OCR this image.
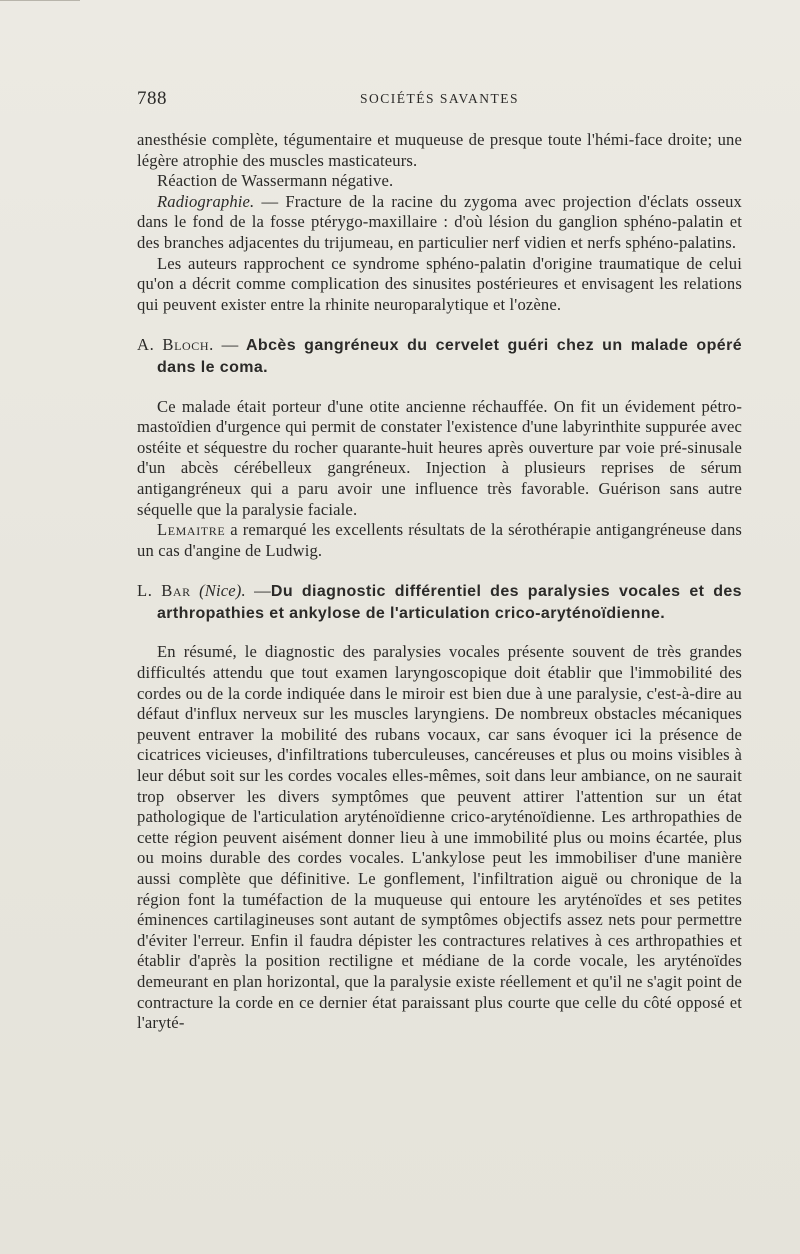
788	SOCIÉTÉS SAVANTES

anesthésie complète, tégumentaire et muqueuse de presque toute l'hémi-face droite; une légère atrophie des muscles masticateurs.

Réaction de Wassermann négative.

Radiographie. — Fracture de la racine du zygoma avec projection d'éclats osseux dans le fond de la fosse ptérygo-maxillaire : d'où lésion du ganglion sphéno-palatin et des branches adjacentes du trijumeau, en particulier nerf vidien et nerfs sphéno-palatins.

Les auteurs rapprochent ce syndrome sphéno-palatin d'origine traumatique de celui qu'on a décrit comme complication des sinusites postérieures et envisagent les relations qui peuvent exister entre la rhinite neuroparalytique et l'ozène.

A. Bloch. — Abcès gangréneux du cervelet guéri chez un malade opéré dans le coma.

Ce malade était porteur d'une otite ancienne réchauffée. On fit un évidement pétro-mastoïdien d'urgence qui permit de constater l'existence d'une labyrinthite suppurée avec ostéite et séquestre du rocher quarante-huit heures après ouverture par voie pré-sinusale d'un abcès cérébelleux gangréneux. Injection à plusieurs reprises de sérum antigangréneux qui a paru avoir une influence très favorable. Guérison sans autre séquelle que la paralysie faciale.

Lemaitre a remarqué les excellents résultats de la sérothérapie antigangréneuse dans un cas d'angine de Ludwig.

L. Bar (Nice). —Du diagnostic différentiel des paralysies vocales et des arthropathies et ankylose de l'articulation crico-aryténoïdienne.

En résumé, le diagnostic des paralysies vocales présente souvent de très grandes difficultés attendu que tout examen laryngoscopique doit établir que l'immobilité des cordes ou de la corde indiquée dans le miroir est bien due à une paralysie, c'est-à-dire au défaut d'influx nerveux sur les muscles laryngiens. De nombreux obstacles mécaniques peuvent entraver la mobilité des rubans vocaux, car sans évoquer ici la présence de cicatrices vicieuses, d'infiltrations tuberculeuses, cancéreuses et plus ou moins visibles à leur début soit sur les cordes vocales elles-mêmes, soit dans leur ambiance, on ne saurait trop observer les divers symptômes que peuvent attirer l'attention sur un état pathologique de l'articulation aryténoïdienne crico-aryténoïdienne. Les arthropathies de cette région peuvent aisément donner lieu à une immobilité plus ou moins écartée, plus ou moins durable des cordes vocales. L'ankylose peut les immobiliser d'une manière aussi complète que définitive. Le gonflement, l'infiltration aiguë ou chronique de la région font la tuméfaction de la muqueuse qui entoure les aryténoïdes et ses petites éminences cartilagineuses sont autant de symptômes objectifs assez nets pour permettre d'éviter l'erreur. Enfin il faudra dépister les contractures relatives à ces arthropathies et établir d'après la position rectiligne et médiane de la corde vocale, les aryténoïdes demeurant en plan horizontal, que la paralysie existe réellement et qu'il ne s'agit point de contracture la corde en ce dernier état paraissant plus courte que celle du côté opposé et l'aryté-
